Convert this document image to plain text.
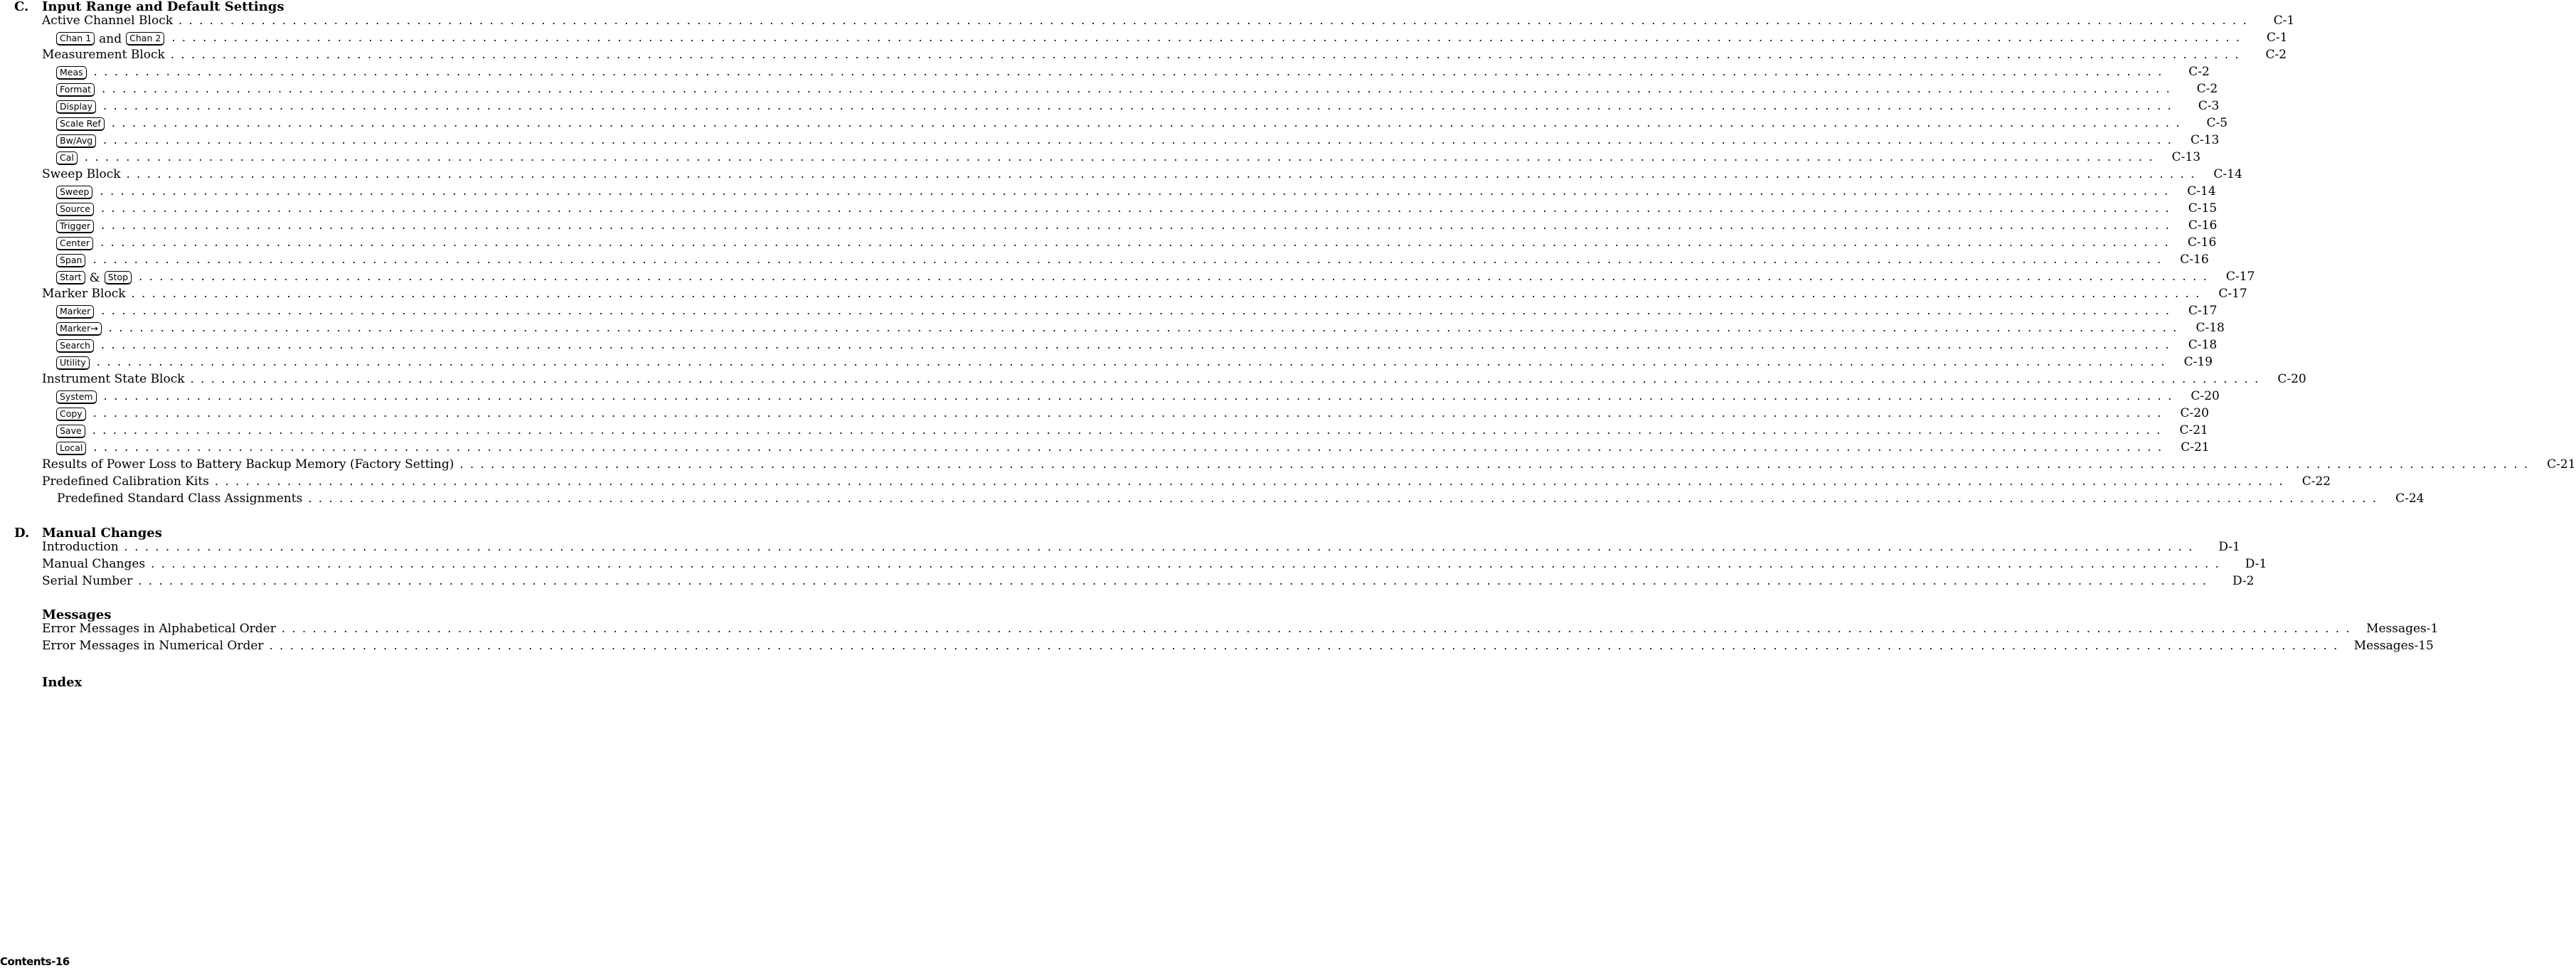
C. Input Range and Default Settings
Active Channel Block ........................................................................................................................................................................................................	C-1
Chan 1 and Chan 2 ........................................................................................................................................................................................................	C-1
Measurement Block ........................................................................................................................................................................................................	C-2
Meas ........................................................................................................................................................................................................	C-2
Format ........................................................................................................................................................................................................	C-2
Display ........................................................................................................................................................................................................	C-3
Scale Ref ........................................................................................................................................................................................................	C-5
Bw/Avg ........................................................................................................................................................................................................ C-13
Cal ........................................................................................................................................................................................................ C-13
Sweep Block ........................................................................................................................................................................................................ C-14
Sweep ........................................................................................................................................................................................................ C-14
Source ........................................................................................................................................................................................................ C-15
Trigger ........................................................................................................................................................................................................ C-16
Center ........................................................................................................................................................................................................ C-16
Span ........................................................................................................................................................................................................ C-16
Start & Stop ........................................................................................................................................................................................................ C-17
Marker Block ........................................................................................................................................................................................................ C-17
Marker ........................................................................................................................................................................................................ C-17
Marker→ ........................................................................................................................................................................................................ C-18
Search ........................................................................................................................................................................................................ C-18
Utility ........................................................................................................................................................................................................ C-19
Instrument State Block ........................................................................................................................................................................................................ C-20
System ........................................................................................................................................................................................................ C-20
Copy ........................................................................................................................................................................................................ C-20
Save ........................................................................................................................................................................................................ C-21
Local ........................................................................................................................................................................................................ C-21
Results of Power Loss to Battery Backup Memory (Factory Setting) ........................................................................................................................................................................................................ C-21
Predefined Calibration Kits ........................................................................................................................................................................................................ C-22
Predefined Standard Class Assignments ........................................................................................................................................................................................................ C-24
D. Manual Changes
Introduction ........................................................................................................................................................................................................	D-1
Manual Changes ........................................................................................................................................................................................................	D-1
Serial Number ........................................................................................................................................................................................................	D-2
Messages
Error Messages in Alphabetical Order ........................................................................................................................................................................................................ Messages-1
Error Messages in Numerical Order ........................................................................................................................................................................................................ Messages-15
Index
Contents-16
